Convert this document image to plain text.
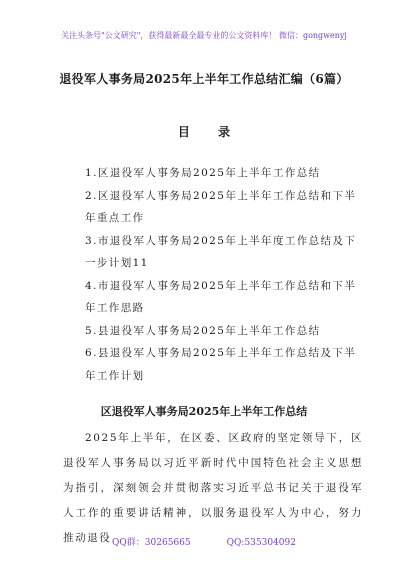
关注头条号"公文研究"，获得最新最全最专业的公文资料库！ 微信：gongwenyj
退役军人事务局2025年上半年工作总结汇编（6篇）
目 录
1.区退役军人事务局2025年上半年工作总结
2.区退役军人事务局2025年上半年工作总结和下半年重点工作
3.市退役军人事务局2025年上半年度工作总结及下一步计划11
4.市退役军人事务局2025年上半年工作总结和下半年工作思路
5.县退役军人事务局2025年上半年工作总结
6.县退役军人事务局2025年上半年工作总结及下半年工作计划
区退役军人事务局2025年上半年工作总结

2025年上半年，在区委、区政府的坚定领导下，区退役军人事务局以习近平新时代中国特色社会主义思想为指引，深刻领会并贯彻落实习近平总书记关于退役军人工作的重要讲话精神，以服务退役军人为中心，努力推动退役 QQ群：30265665	QQ:535304092
